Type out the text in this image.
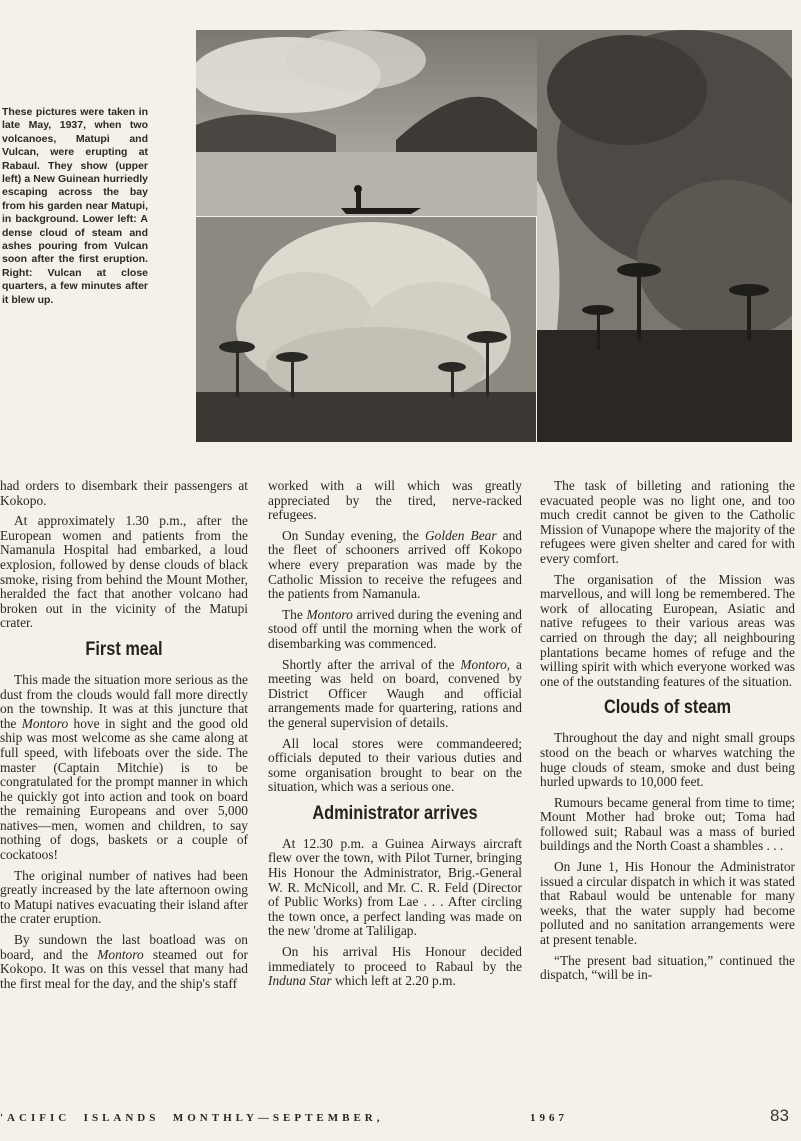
These pictures were taken in late May, 1937, when two volcanoes, Matupi and Vulcan, were erupting at Rabaul. They show (upper left) a New Guinean hurriedly escaping across the bay from his garden near Matupi, in background. Lower left: A dense cloud of steam and ashes pouring from Vulcan soon after the first eruption. Right: Vulcan at close quarters, a few minutes after it blew up.

had orders to disembark their passengers at Kokopo.

At approximately 1.30 p.m., after the European women and patients from the Namanula Hospital had embarked, a loud explosion, followed by dense clouds of black smoke, rising from behind the Mount Mother, heralded the fact that another volcano had broken out in the vicinity of the Matupi crater.

First meal

This made the situation more serious as the dust from the clouds would fall more directly on the township. It was at this juncture that the Montoro hove in sight and the good old ship was most welcome as she came along at full speed, with lifeboats over the side. The master (Captain Mitchie) is to be congratulated for the prompt manner in which he quickly got into action and took on board the remaining Europeans and over 5,000 natives—men, women and children, to say nothing of dogs, baskets or a couple of cockatoos!

The original number of natives had been greatly increased by the late afternoon owing to Matupi natives evacuating their island after the crater eruption.

By sundown the last boatload was on board, and the Montoro steamed out for Kokopo. It was on this vessel that many had the first meal for the day, and the ship's staff

worked with a will which was greatly appreciated by the tired, nerve-racked refugees.

On Sunday evening, the Golden Bear and the fleet of schooners arrived off Kokopo where every preparation was made by the Catholic Mission to receive the refugees and the patients from Namanula.

The Montoro arrived during the evening and stood off until the morning when the work of disembarking was commenced.

Shortly after the arrival of the Montoro, a meeting was held on board, convened by District Officer Waugh and official arrangements made for quartering, rations and the general supervision of details.

All local stores were commandeered; officials deputed to their various duties and some organisation brought to bear on the situation, which was a serious one.

Administrator arrives

At 12.30 p.m. a Guinea Airways aircraft flew over the town, with Pilot Turner, bringing His Honour the Administrator, Brig.-General W. R. McNicoll, and Mr. C. R. Feld (Director of Public Works) from Lae . . . After circling the town once, a perfect landing was made on the new 'drome at Taliligap.

On his arrival His Honour decided immediately to proceed to Rabaul by the Induna Star which left at 2.20 p.m.

The task of billeting and rationing the evacuated people was no light one, and too much credit cannot be given to the Catholic Mission of Vunapope where the majority of the refugees were given shelter and cared for with every comfort.

The organisation of the Mission was marvellous, and will long be remembered. The work of allocating European, Asiatic and native refugees to their various areas was carried on through the day; all neighbouring plantations became homes of refuge and the willing spirit with which everyone worked was one of the outstanding features of the situation.

Clouds of steam

Throughout the day and night small groups stood on the beach or wharves watching the huge clouds of steam, smoke and dust being hurled upwards to 10,000 feet.

Rumours became general from time to time; Mount Mother had broke out; Toma had followed suit; Rabaul was a mass of buried buildings and the North Coast a shambles . . .

On June 1, His Honour the Administrator issued a circular dispatch in which it was stated that Rabaul would be untenable for many weeks, that the water supply had become polluted and no sanitation arrangements were at present tenable.

“The present bad situation,” continued the dispatch, “will be in-

'ACIFIC  ISLANDS  MONTHLY—SEPTEMBER,	1967	83
